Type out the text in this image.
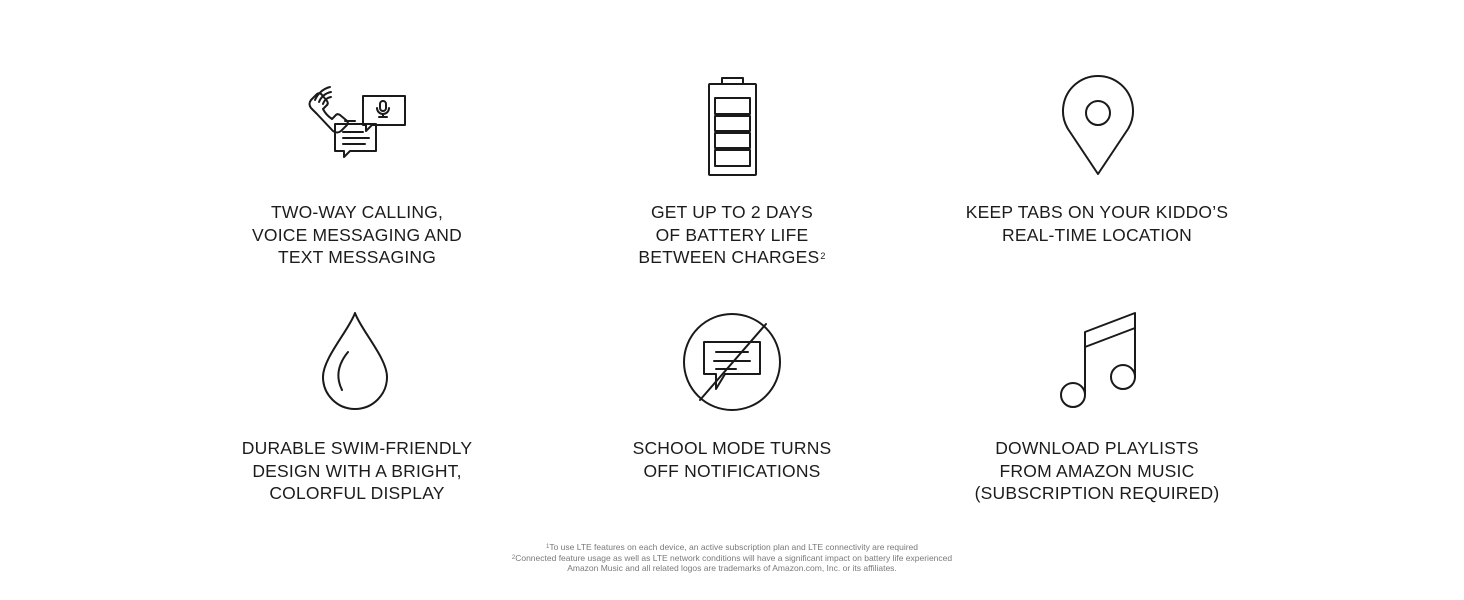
TWO-WAY CALLING,
VOICE MESSAGING AND
TEXT MESSAGING
GET UP TO 2 DAYS
OF BATTERY LIFE
BETWEEN CHARGES$^2$
KEEP TABS ON YOUR KIDDO’S
REAL-TIME LOCATION
DURABLE SWIM-FRIENDLY
DESIGN WITH A BRIGHT,
COLORFUL DISPLAY
SCHOOL MODE TURNS
OFF NOTIFICATIONS
DOWNLOAD PLAYLISTS
FROM AMAZON MUSIC
(SUBSCRIPTION REQUIRED)
$^1$To use LTE features on each device, an active subscription plan and LTE connectivity are required
$^2$Connected feature usage as well as LTE network conditions will have a significant impact on battery life experienced
Amazon Music and all related logos are trademarks of Amazon.com, Inc. or its affiliates.
